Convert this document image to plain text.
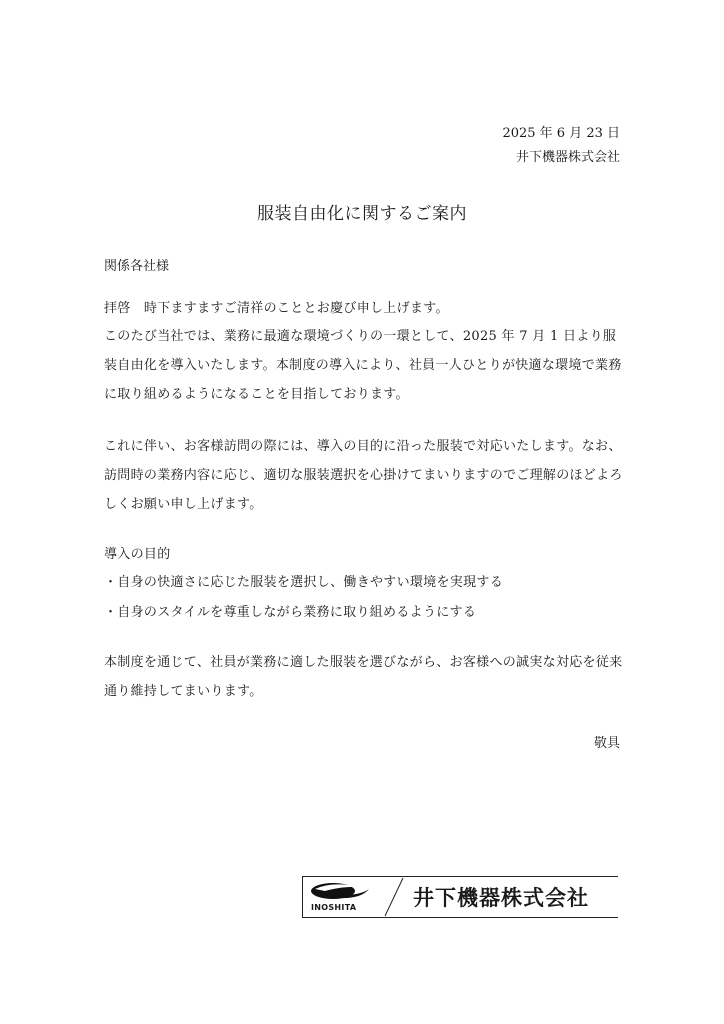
2025 年 6 月 23 日
井下機器株式会社
服装自由化に関するご案内
関係各社様
拝啓　時下ますますご清祥のこととお慶び申し上げます。
このたび当社では、業務に最適な環境づくりの一環として、2025 年 7 月 1 日より服装自由化を導入いたします。本制度の導入により、社員一人ひとりが快適な環境で業務に取り組めるようになることを目指しております。
これに伴い、お客様訪問の際には、導入の目的に沿った服装で対応いたします。なお、訪問時の業務内容に応じ、適切な服装選択を心掛けてまいりますのでご理解のほどよろしくお願い申し上げます。
導入の目的
・自身の快適さに応じた服装を選択し、働きやすい環境を実現する
・自身のスタイルを尊重しながら業務に取り組めるようにする
本制度を通じて、社員が業務に適した服装を選びながら、お客様への誠実な対応を従来通り維持してまいります。
敬具
INOSHITA	井下機器株式会社
